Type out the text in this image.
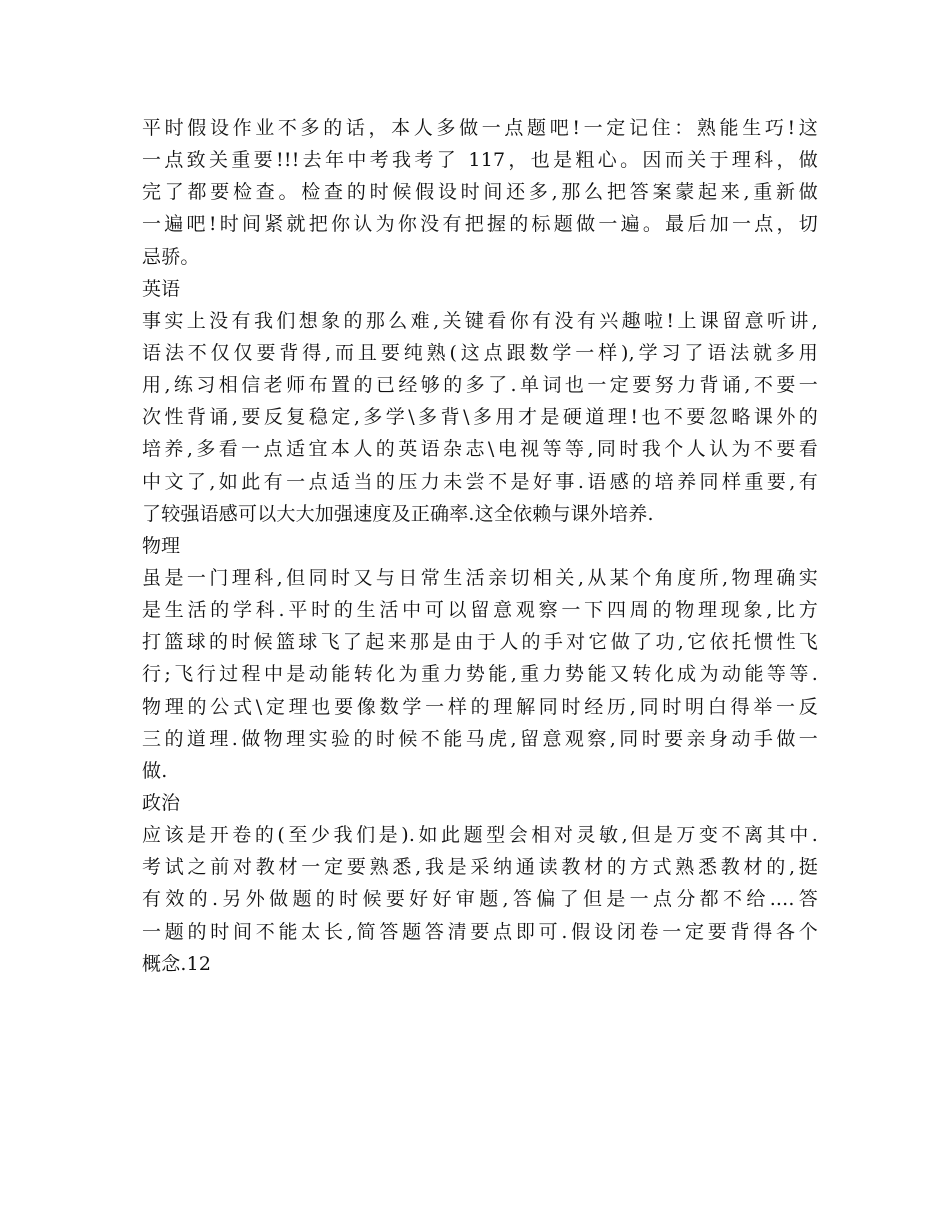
平时假设作业不多的话，本人多做一点题吧!一定记住：熟能生巧!这
一点致关重要!!!去年中考我考了 117，也是粗心。因而关于理科，做
完了都要检查。检查的时候假设时间还多,那么把答案蒙起来,重新做
一遍吧!时间紧就把你认为你没有把握的标题做一遍。最后加一点，切
忌骄。
英语
事实上没有我们想象的那么难,关键看你有没有兴趣啦!上课留意听讲,
语法不仅仅要背得,而且要纯熟(这点跟数学一样),学习了语法就多用
用,练习相信老师布置的已经够的多了.单词也一定要努力背诵,不要一
次性背诵,要反复稳定,多学\多背\多用才是硬道理!也不要忽略课外的
培养,多看一点适宜本人的英语杂志\电视等等,同时我个人认为不要看
中文了,如此有一点适当的压力未尝不是好事.语感的培养同样重要,有
了较强语感可以大大加强速度及正确率.这全依赖与课外培养.
物理
虽是一门理科,但同时又与日常生活亲切相关,从某个角度所,物理确实
是生活的学科.平时的生活中可以留意观察一下四周的物理现象,比方
打篮球的时候篮球飞了起来那是由于人的手对它做了功,它依托惯性飞
行;飞行过程中是动能转化为重力势能,重力势能又转化成为动能等等.
物理的公式\定理也要像数学一样的理解同时经历,同时明白得举一反
三的道理.做物理实验的时候不能马虎,留意观察,同时要亲身动手做一
做.
政治
应该是开卷的(至少我们是).如此题型会相对灵敏,但是万变不离其中.
考试之前对教材一定要熟悉,我是采纳通读教材的方式熟悉教材的,挺
有效的.另外做题的时候要好好审题,答偏了但是一点分都不给....答
一题的时间不能太长,简答题答清要点即可.假设闭卷一定要背得各个
概念.12
